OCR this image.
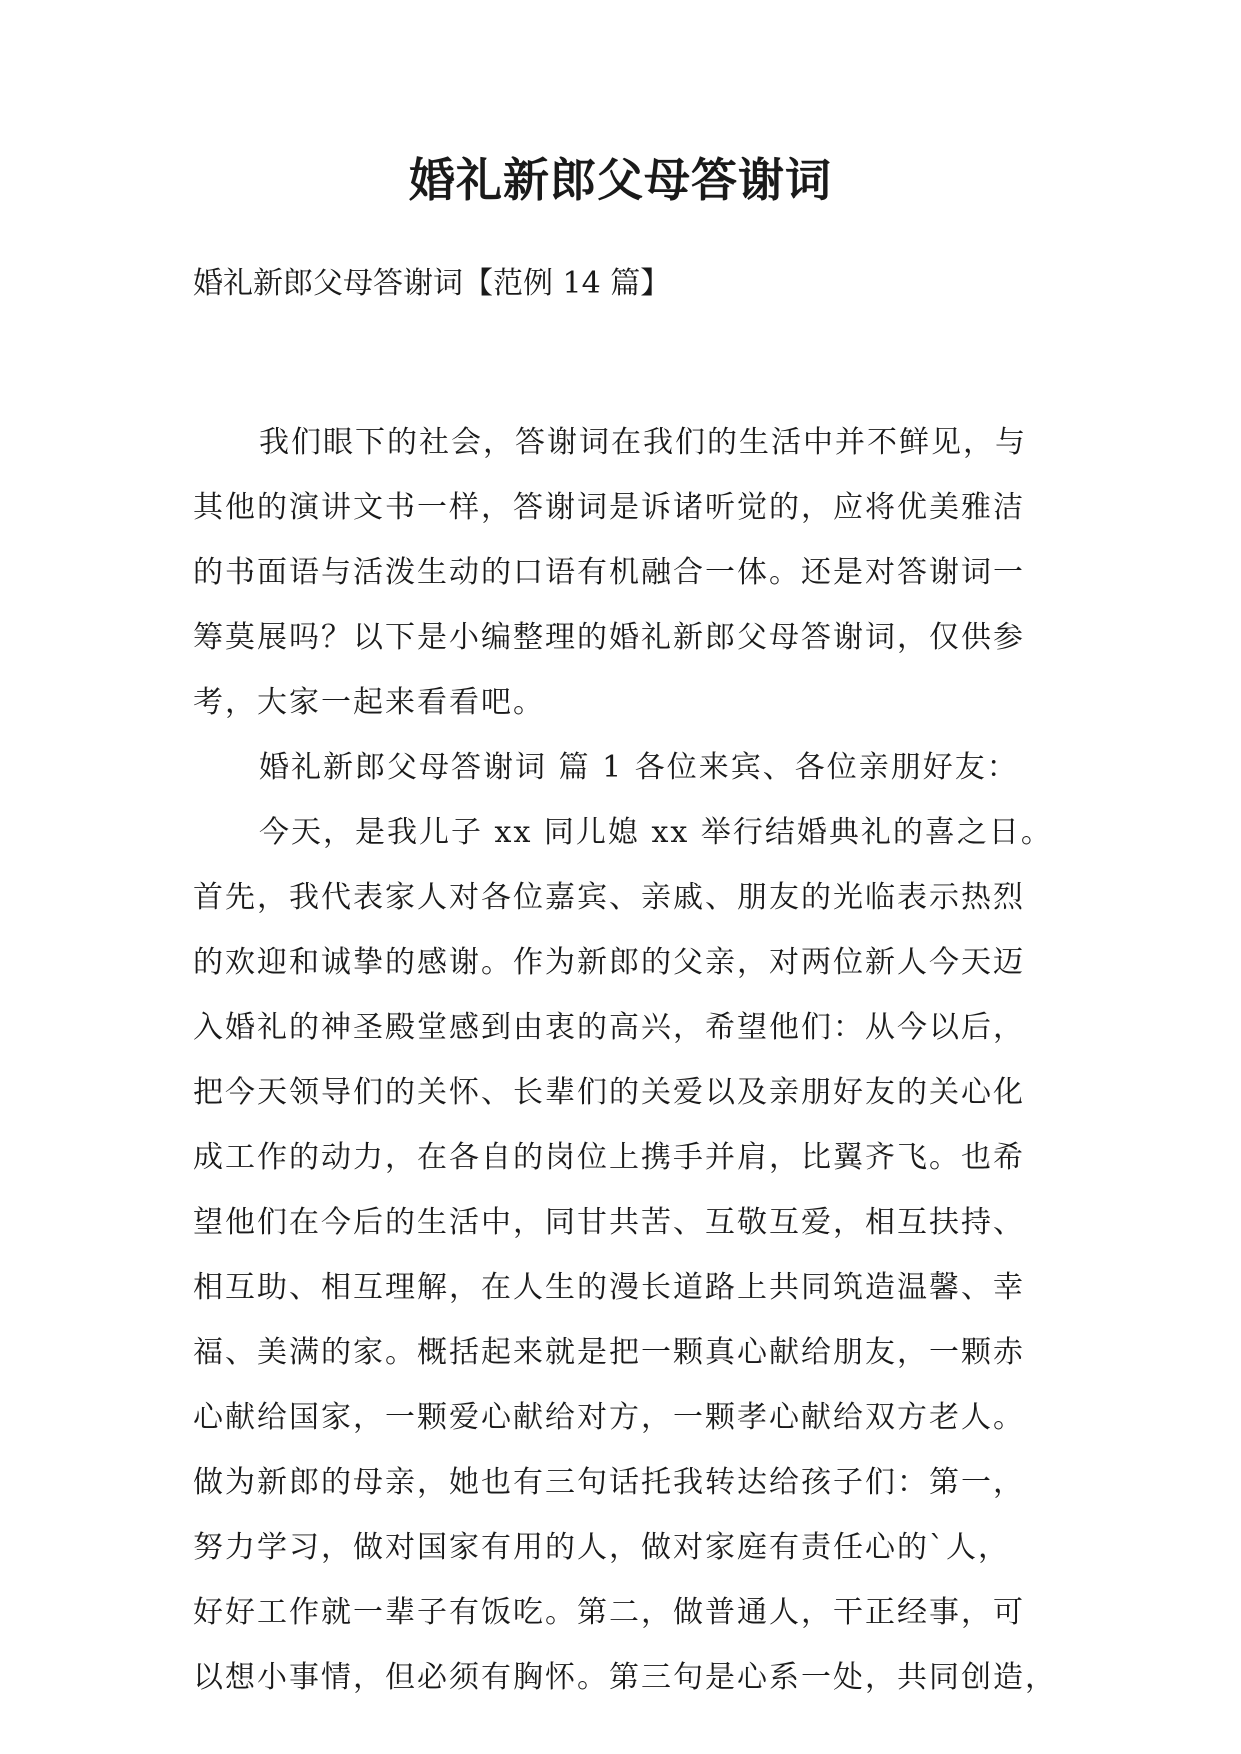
婚礼新郎父母答谢词
婚礼新郎父母答谢词【范例 14 篇】
我们眼下的社会，答谢词在我们的生活中并不鲜见，与
其他的演讲文书一样，答谢词是诉诸听觉的，应将优美雅洁
的书面语与活泼生动的口语有机融合一体。还是对答谢词一
筹莫展吗？以下是小编整理的婚礼新郎父母答谢词，仅供参
考，大家一起来看看吧。
婚礼新郎父母答谢词 篇 1 各位来宾、各位亲朋好友：
今天，是我儿子 xx 同儿媳 xx 举行结婚典礼的喜之日。
首先，我代表家人对各位嘉宾、亲戚、朋友的光临表示热烈
的欢迎和诚挚的感谢。作为新郎的父亲，对两位新人今天迈
入婚礼的神圣殿堂感到由衷的高兴，希望他们：从今以后，
把今天领导们的关怀、长辈们的关爱以及亲朋好友的关心化
成工作的动力，在各自的岗位上携手并肩，比翼齐飞。也希
望他们在今后的生活中，同甘共苦、互敬互爱，相互扶持、
相互助、相互理解，在人生的漫长道路上共同筑造温馨、幸
福、美满的家。概括起来就是把一颗真心献给朋友，一颗赤
心献给国家，一颗爱心献给对方，一颗孝心献给双方老人。
做为新郎的母亲，她也有三句话托我转达给孩子们：第一，
努力学习，做对国家有用的人，做对家庭有责任心的`人，
好好工作就一辈子有饭吃。第二，做普通人，干正经事，可
以想小事情，但必须有胸怀。第三句是心系一处，共同创造，
